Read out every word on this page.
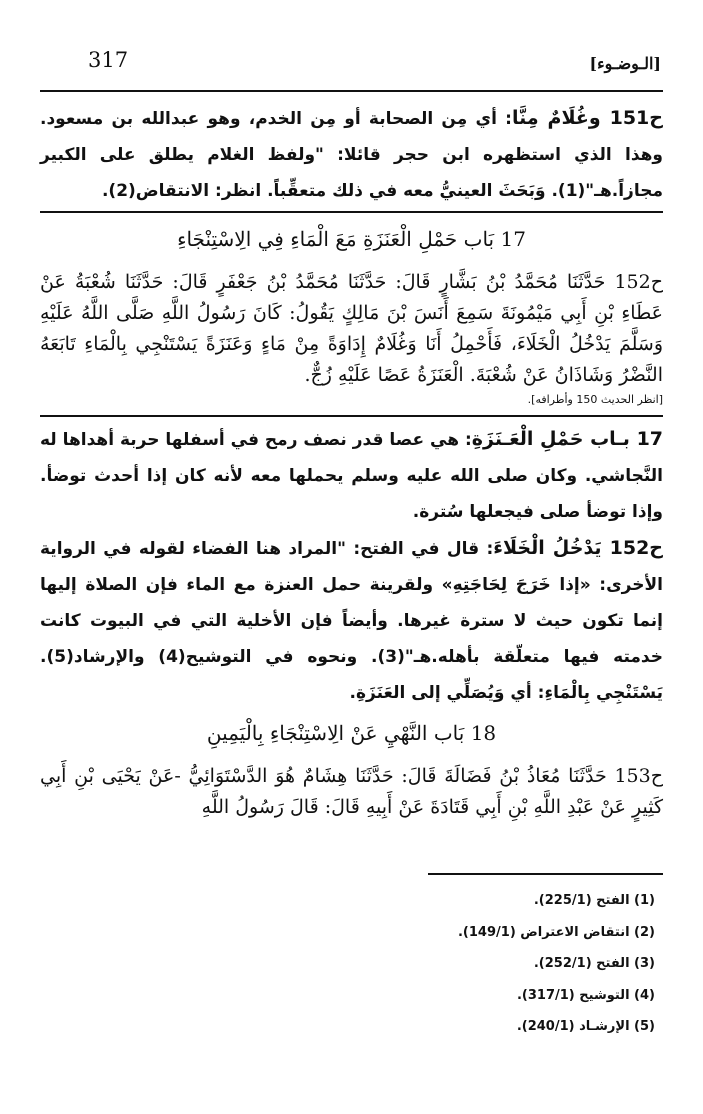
317	[الـوضـوء]

ح151 وغُلَامٌ مِنَّا: أي مِن الصحابة أو مِن الخدم، وهو عبدالله بن مسعود. وهذا الذي استظهره ابن حجر قائلا: "ولفظ الغلام يطلق على الكبير مجازاً.هـ"(1). وَبَحَثَ العينيُّ معه في ذلك متعقِّباً. انظر: الانتقاض(2).

17 بَاب حَمْلِ الْعَنَزَةِ مَعَ الْمَاءِ فِي الِاسْتِنْجَاءِ

ح152 حَدَّثَنَا مُحَمَّدُ بْنُ بَشَّارٍ قَالَ: حَدَّثَنَا مُحَمَّدُ بْنُ جَعْفَرٍ قَالَ: حَدَّثَنَا شُعْبَةُ عَنْ عَطَاءِ بْنِ أَبِي مَيْمُونَةَ سَمِعَ أَنَسَ بْنَ مَالِكٍ يَقُولُ: كَانَ رَسُولُ اللَّهِ صَلَّى اللَّهُ عَلَيْهِ وَسَلَّمَ يَدْخُلُ الْخَلَاءَ، فَأَحْمِلُ أَنَا وَغُلَامٌ إِدَاوَةً مِنْ مَاءٍ وَعَنَزَةً يَسْتَنْجِي بِالْمَاءِ تَابَعَهُ النَّضْرُ وَشَاذَانُ عَنْ شُعْبَةَ. الْعَنَزَةُ عَصًا عَلَيْهِ زُجٌّ.

[انظر الحديث 150 وأطرافه].

17 بـاب حَمْلِ الْعَـنَزَةِ: هي عصا قدر نصف رمح في أسفلها حربة أهداها له النَّجاشي. وكان صلى الله عليه وسلم يحملها معه لأنه كان إذا أحدث توضأ. وإذا توضأ صلى فيجعلها سُترة.

ح152 يَدْخُلُ الْخَلَاءَ: قال في الفتح: "المراد هنا الفضاء لقوله في الرواية الأخرى: «إذا خَرَجَ لِحَاجَتِهِ» ولقرينة حمل العنزة مع الماء فإن الصلاة إليها إنما تكون حيث لا سترة غيرها. وأيضاً فإن الأخلية التي في البيوت كانت خدمته فيها متعلّقة بأهله.هـ"(3). ونحوه في التوشيح(4) والإرشاد(5). يَسْتَنْجِي بِالْمَاءِ: أي وَيُصَلِّي إلى العَنَزَةِ.

18 بَاب النَّهْيِ عَنْ الِاسْتِنْجَاءِ بِالْيَمِينِ

ح153 حَدَّثَنَا مُعَاذُ بْنُ فَضَالَةَ قَالَ: حَدَّثَنَا هِشَامٌ هُوَ الدَّسْتَوَائِيُّ -عَنْ يَحْيَى بْنِ أَبِي كَثِيرٍ عَنْ عَبْدِ اللَّهِ بْنِ أَبِي قَتَادَةَ عَنْ أَبِيهِ قَالَ: قَالَ رَسُولُ اللَّهِ

(1) الفتح (225/1).
(2) انتقاض الاعتراض (149/1).
(3) الفتح (252/1).
(4) التوشيح (317/1).
(5) الإرشـاد (240/1).
